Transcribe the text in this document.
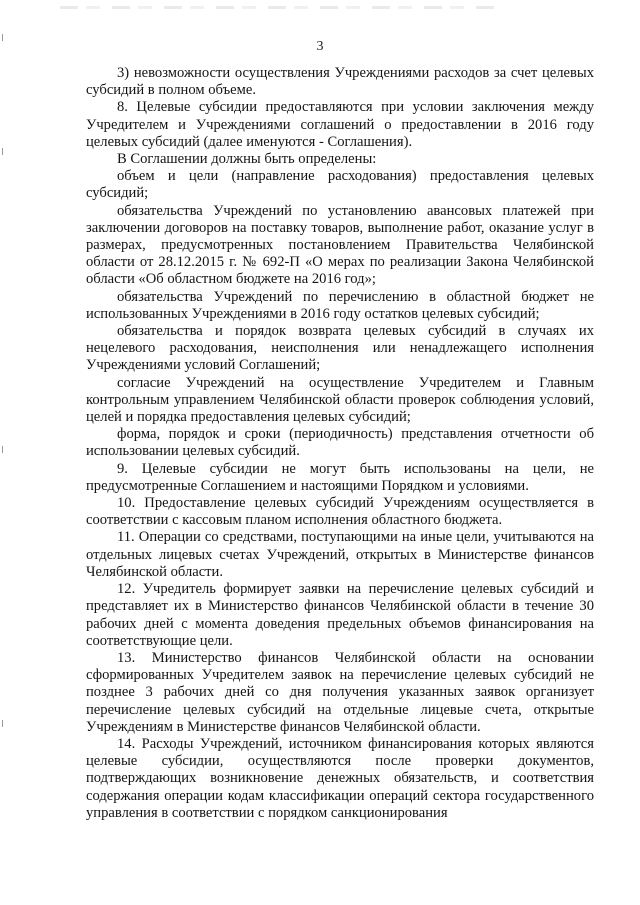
3

3) невозможности осуществления Учреждениями расходов за счет целевых субсидий в полном объеме.

8. Целевые субсидии предоставляются при условии заключения между Учредителем и Учреждениями соглашений о предоставлении в 2016 году целевых субсидий (далее именуются - Соглашения).

В Соглашении должны быть определены:

объем и цели (направление расходования) предоставления целевых субсидий;

обязательства Учреждений по установлению авансовых платежей при заключении договоров на поставку товаров, выполнение работ, оказание услуг в размерах, предусмотренных постановлением Правительства Челябинской области от 28.12.2015 г. № 692-П «О мерах по реализации Закона Челябинской области «Об областном бюджете на 2016 год»;

обязательства Учреждений по перечислению в областной бюджет не использованных Учреждениями в 2016 году остатков целевых субсидий;

обязательства и порядок возврата целевых субсидий в случаях их нецелевого расходования, неисполнения или ненадлежащего исполнения Учреждениями условий Соглашений;

согласие Учреждений на осуществление Учредителем и Главным контрольным управлением Челябинской области проверок соблюдения условий, целей и порядка предоставления целевых субсидий;

форма, порядок и сроки (периодичность) представления отчетности об использовании целевых субсидий.

9. Целевые субсидии не могут быть использованы на цели, не предусмотренные Соглашением и настоящими Порядком и условиями.

10. Предоставление целевых субсидий Учреждениям осуществляется в соответствии с кассовым планом исполнения областного бюджета.

11. Операции со средствами, поступающими на иные цели, учитываются на отдельных лицевых счетах Учреждений, открытых в Министерстве финансов Челябинской области.

12. Учредитель формирует заявки на перечисление целевых субсидий и представляет их в Министерство финансов Челябинской области в течение 30 рабочих дней с момента доведения предельных объемов финансирования на соответствующие цели.

13. Министерство финансов Челябинской области на основании сформированных Учредителем заявок на перечисление целевых субсидий не позднее 3 рабочих дней со дня получения указанных заявок организует перечисление целевых субсидий на отдельные лицевые счета, открытые Учреждениям в Министерстве финансов Челябинской области.

14. Расходы Учреждений, источником финансирования которых являются целевые субсидии, осуществляются после проверки документов, подтверждающих возникновение денежных обязательств, и соответствия содержания операции кодам классификации операций сектора государственного управления в соответствии с порядком санкционирования
